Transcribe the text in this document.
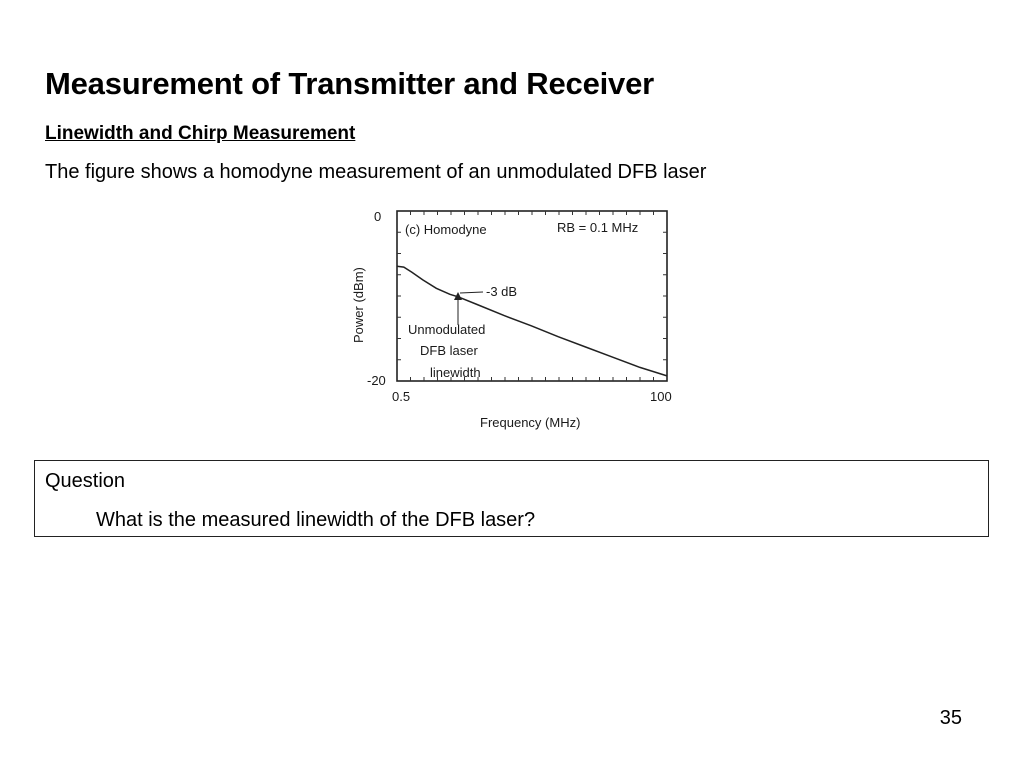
Measurement of Transmitter and Receiver
Linewidth and Chirp Measurement
The figure shows a homodyne measurement of an unmodulated DFB laser
0
-20
0.5	100
Power (dBm)
Frequency (MHz)
(c) Homodyne	RB = 0.1 MHz
-3 dB
Unmodulated
DFB laser
linewidth
Question
What is the measured linewidth of the DFB laser?
35
